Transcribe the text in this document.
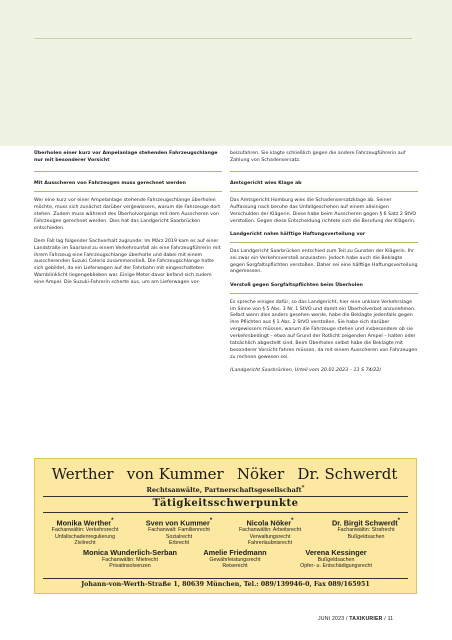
Überholen einer kurz vor Ampelanlage stehenden Fahrzeugschlange nur mit besonderer Vorsicht

Mit Ausscheren von Fahrzeugen muss gerechnet werden

Wer eine kurz vor einer Ampelanlage stehende Fahrzeugschlange überholen möchte, muss sich zunächst darüber vergewissern, warum die Fahrzeuge dort stehen. Zudem muss während des Überholvorgangs mit dem Ausscheren von Fahrzeugen gerechnet werden. Dies hat das Landgericht Saarbrücken entschieden.

Dem Fall lag folgender Sachverhalt zugrunde: Im März 2019 kam es auf einer Landstraße im Saarland zu einem Verkehrsunfall als eine Fahrzeugführerin mit ihrem Fahrzeug eine Fahrzeugschlange überholte und dabei mit einem ausscherenden Suzuki Celerio zusammenstieß. Die Fahrzeugschlange hatte sich gebildet, da ein Lieferwagen auf der Fahrbahn mit eingeschalteten Warnblinklicht liegengeblieben war. Einige Meter davor befand sich zudem eine Ampel. Die Suzuki-Fahrerin scherte aus, um am Lieferwagen vor-

beizufahren. Sie klagte schließlich gegen die andere Fahrzeugführerin auf Zahlung von Schadensersatz.

Amtsgericht wies Klage ab

Das Amtsgericht Homburg wies die Schadensersatzklage ab. Seiner Auffassung nach beruhe das Unfallgeschehen auf einem alleinigen Verschulden der Klägerin. Diese habe beim Ausscheren gegen § 6 Satz 2 StVO verstoßen. Gegen diese Entscheidung richtete sich die Berufung der Klägerin.

Landgericht nahm hälftige Haftungsverteilung vor

Das Landgericht Saarbrücken entschied zum Teil zu Gunsten der Klägerin. Ihr sei zwar ein Verkehrsverstoß anzulasten. Jedoch habe auch die Beklagte gegen Sorgfaltspflichten verstoßen. Daher sei eine hälftige Haftungsverteilung angemessen.

Verstoß gegen Sorgfaltspflichten beim Überholen

Es spreche einiges dafür, so das Landgericht, hier eine unklare Verkehrslage im Sinne von § 5 Abs. 3 Nr. 1 StVO und damit ein Überholverbot anzunehmen. Selbst wenn dies anders gesehen werde, habe die Beklagte jedenfalls gegen ihre Pflichten aus § 1 Abs. 2 StVO verstoßen. Sie habe sich darüber vergewissern müssen, warum die Fahrzeuge stehen und insbesondere ob sie verkehrsbedingt – etwa auf Grund der Rotlicht zeigenden Ampel – halten oder tatsächlich abgestellt sind. Beim Überholen selbst habe die Beklagte mit besonderer Vorsicht fahren müssen, da mit einem Ausscheren von Fahrzeugen zu rechnen gewesen sei.

(Landgericht Saarbrücken, Urteil vom 20.01.2023 – 13 S 74/22)

Werther von Kummer Nöker Dr. Schwerdt
Rechtsanwälte, Partnerschaftsgesellschaft*
Tätigkeitsschwerpunkte
Monika Werther*
Fachanwältin: Verkehrsrecht
Unfallschadenregulierung
Zivilrecht
Sven von Kummer*
Fachanwalt: Familienrecht
Sozialrecht
Erbrecht
Nicola Nöker*
Fachanwältin: Arbeitsrecht
Verwaltungsrecht
Fahrerlaubnisrecht
Dr. Birgit Schwerdt*
Fachanwältin: Strafrecht
Bußgeldsachen
Monica Wunderlich-Serban
Fachanwältin: Mietrecht
Privatinsolvenzen
Amelie Friedmann
Gewährleistungsrecht
Reiserecht
Verena Kessinger
Bußgeldsachen
Opfer- u. Entschädigungsrecht
Johann-von-Werth-Straße 1, 80639 München, Tel.: 089/139946-0, Fax 089/165951
JUNI 2023 / TAXIKURIER / 11
